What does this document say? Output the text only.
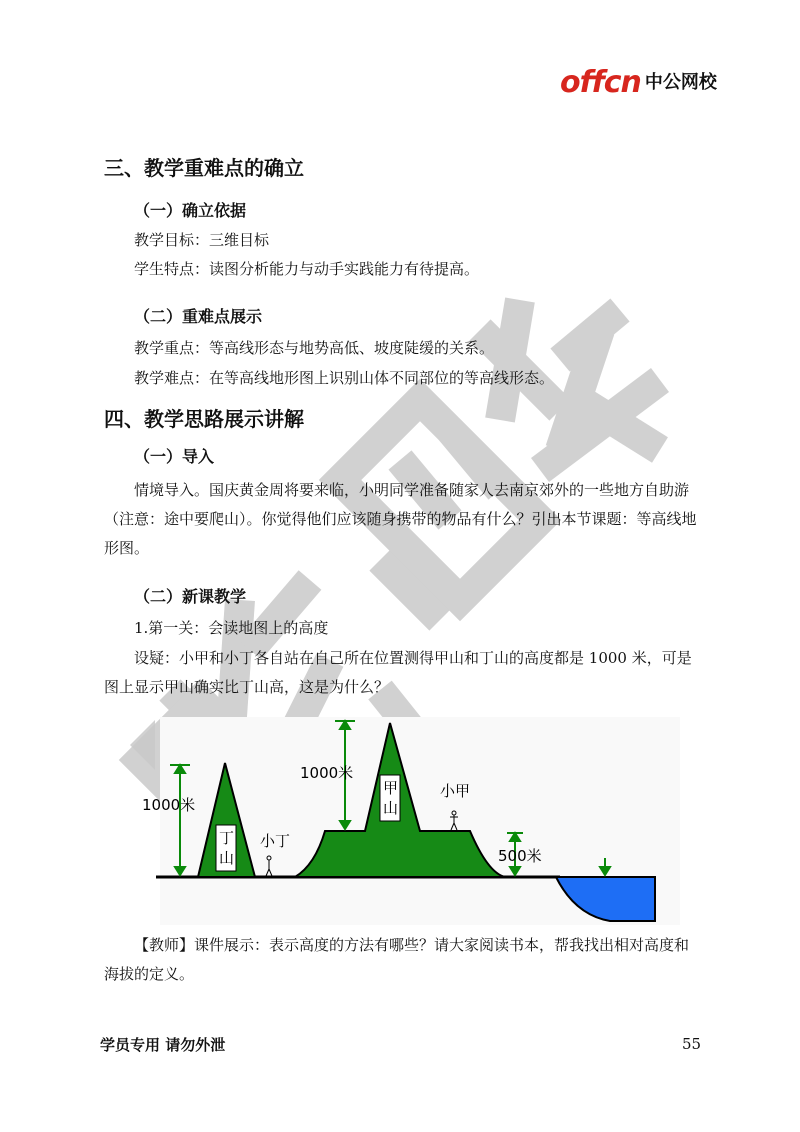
offcn 中公网校
三、教学重难点的确立
（一）确立依据
教学目标：三维目标
学生特点：读图分析能力与动手实践能力有待提高。
（二）重难点展示
教学重点：等高线形态与地势高低、坡度陡缓的关系。
教学难点：在等高线地形图上识别山体不同部位的等高线形态。
四、教学思路展示讲解
（一）导入
情境导入。国庆黄金周将要来临，小明同学准备随家人去南京郊外的一些地方自助游（注意：途中要爬山）。你觉得他们应该随身携带的物品有什么？引出本节课题：等高线地形图。
（二）新课教学
1.第一关：会读地图上的高度
设疑：小甲和小丁各自站在自己所在位置测得甲山和丁山的高度都是 1000 米，可是图上显示甲山确实比丁山高，这是为什么？
丁
山
甲
山
1000米
1000米
500米
小丁
小甲
【教师】课件展示：表示高度的方法有哪些？请大家阅读书本，帮我找出相对高度和海拔的定义。
学员专用 请勿外泄	55
